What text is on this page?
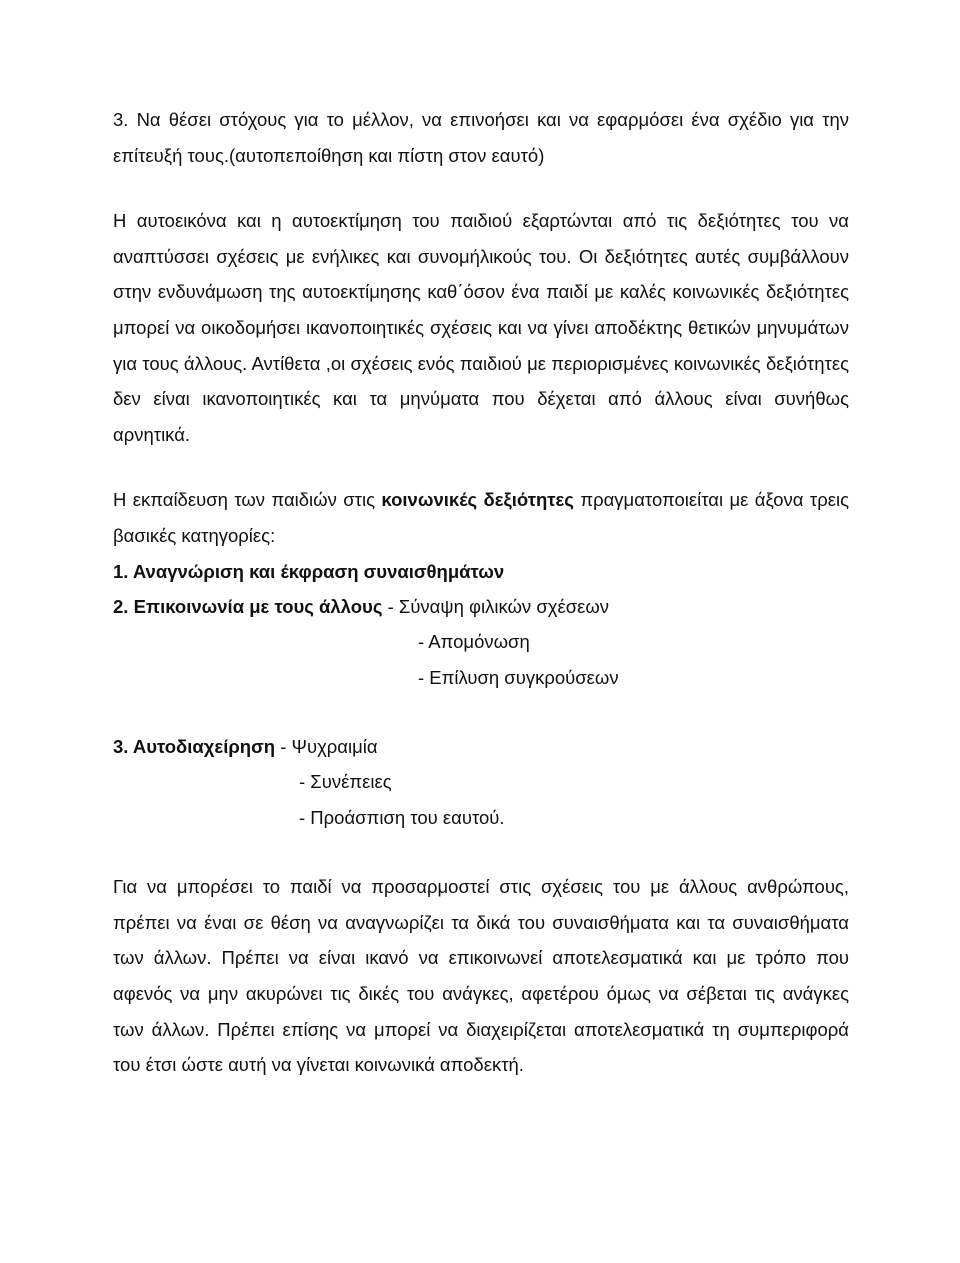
3. Να θέσει στόχους για το μέλλον, να επινοήσει και να εφαρμόσει ένα σχέδιο για την επίτευξή τους.(αυτοπεποίθηση και πίστη στον εαυτό)

Η αυτοεικόνα και η αυτοεκτίμηση του παιδιού εξαρτώνται από τις δεξιότητες του να αναπτύσσει σχέσεις με ενήλικες και συνομήλικούς του. Οι δεξιότητες αυτές συμβάλλουν στην ενδυνάμωση της αυτοεκτίμησης καθ΄όσον ένα παιδί με καλές κοινωνικές δεξιότητες μπορεί να οικοδομήσει ικανοποιητικές σχέσεις και να γίνει αποδέκτης θετικών μηνυμάτων για τους άλλους. Αντίθετα ,οι σχέσεις ενός παιδιού με περιορισμένες κοινωνικές δεξιότητες δεν είναι ικανοποιητικές και τα μηνύματα που δέχεται από άλλους είναι συνήθως αρνητικά.

Η εκπαίδευση των παιδιών στις κοινωνικές δεξιότητες πραγματοποιείται με άξονα τρεις βασικές κατηγορίες:

1. Αναγνώριση και έκφραση συναισθημάτων
2. Επικοινωνία με τους άλλους - Σύναψη φιλικών σχέσεων
- Απομόνωση
- Επίλυση συγκρούσεων
3. Αυτοδιαχείρηση - Ψυχραιμία
- Συνέπειες
- Προάσπιση του εαυτού.

Για να μπορέσει το παιδί να προσαρμοστεί στις σχέσεις του με άλλους ανθρώπους, πρέπει να έναι σε θέση να αναγνωρίζει τα δικά του συναισθήματα και τα συναισθήματα των άλλων. Πρέπει να είναι ικανό να επικοινωνεί αποτελεσματικά και με τρόπο που αφενός να μην ακυρώνει τις δικές του ανάγκες, αφετέρου όμως να σέβεται τις ανάγκες των άλλων. Πρέπει επίσης να μπορεί να διαχειρίζεται αποτελεσματικά τη συμπεριφορά του έτσι ώστε αυτή να γίνεται κοινωνικά αποδεκτή.
